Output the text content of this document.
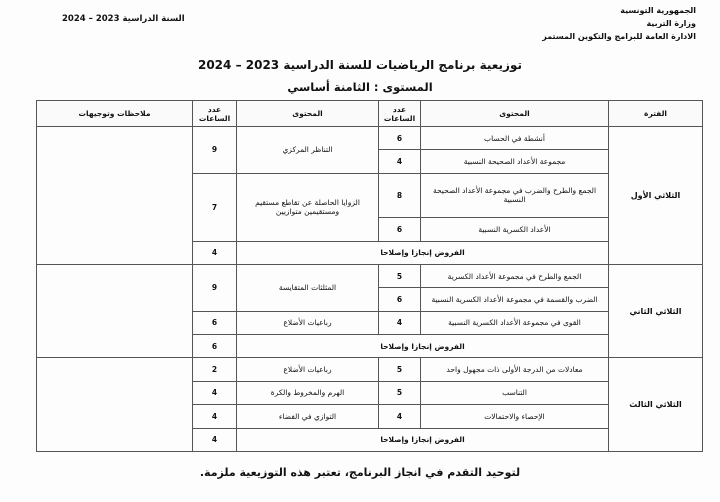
السنة الدراسية 2023 – 2024
الجمهورية التونسية
وزارة التربية
الادارة العامة للبرامج والتكوين المستمر
توزيعية برنامج الرياضيات للسنة الدراسية 2023 – 2024
المستوى : الثامنة أساسي
الفترة	المحتوى	عدد الساعات	المحتوى	عدد الساعات	ملاحظات وتوجيهات
الثلاثي الأول	أنشطة في الحساب	6	التناظر المركزي	9	
	مجموعة الأعداد الصحيحة النسبية	4			
	الجمع والطرح والضرب في مجموعة الأعداد الصحيحة النسبية	8	الزوايا الحاصلة عن تقاطع مستقيم ومستقيمين متوازيين	7	
	الأعداد الكسرية النسبية	6			
	الفروض إنجازا وإصلاحا			4	
الثلاثي الثاني	الجمع والطرح في مجموعة الأعداد الكسرية	5	المثلثات المتقايسة	9	
	الضرب والقسمة في مجموعة الأعداد الكسرية النسبية	6			
	القوى في مجموعة الأعداد الكسرية النسبية	4	رباعيات الأضلاع	6	
	الفروض إنجازا وإصلاحا			6	
الثلاثي الثالث	معادلات من الدرجة الأولى ذات مجهول واحد	5	رباعيات الأضلاع	2	
	التناسب	5	الهرم والمخروط والكرة	4	
	الإحصاء والاحتمالات	4	التوازي في الفضاء	4	
	الفروض إنجازا وإصلاحا			4	
لتوحيد التقدم في انجاز البرنامج، تعتبر هذه التوزيعية ملزمة.
